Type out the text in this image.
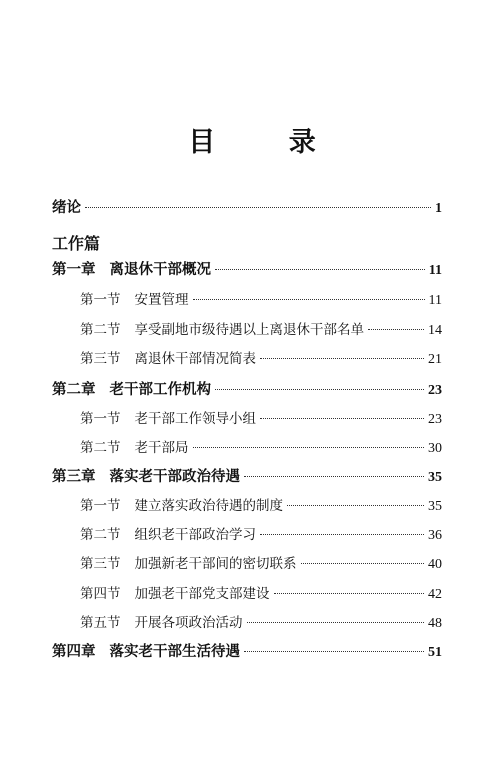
目 录
绪论	1
工作篇
第一章 离退休干部概况	11
第一节 安置管理	11
第二节 享受副地市级待遇以上离退休干部名单	14
第三节 离退休干部情况简表	21
第二章 老干部工作机构	23
第一节 老干部工作领导小组	23
第二节 老干部局	30
第三章 落实老干部政治待遇	35
第一节 建立落实政治待遇的制度	35
第二节 组织老干部政治学习	36
第三节 加强新老干部间的密切联系	40
第四节 加强老干部党支部建设	42
第五节 开展各项政治活动	48
第四章 落实老干部生活待遇	51
